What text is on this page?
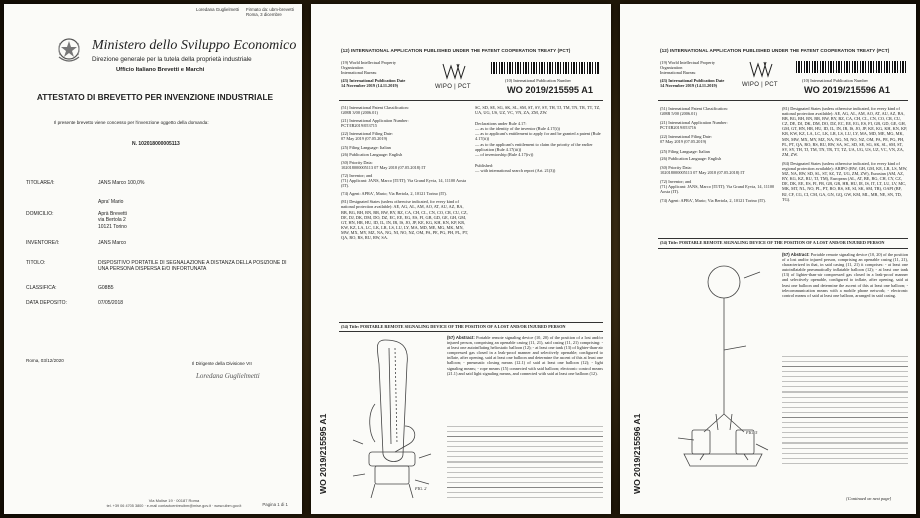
Loredana Guglielmetti	Firmato da: ubm-brevetti
Roma, 3 dicembre
Ministero dello Sviluppo Economico
Direzione generale per la tutela della proprietà industriale
Ufficio Italiano Brevetti e Marchi
ATTESTATO DI BREVETTO PER INVENZIONE INDUSTRIALE
Il presente brevetto viene concesso per l'invenzione oggetto della domanda:
N. 102018000005113
TITOLARE/I:	JANS Marco 100,0%

Apra' Mario
DOMICILIO:	Aprà Brevetti
via Bertola 2
10121 Torino
INVENTORE/I:	JANS Marco
TITOLO:	DISPOSITIVO PORTATILE DI SEGNALAZIONE A DISTANZA DELLA POSIZIONE DI UNA PERSONA DISPERSA E/O INFORTUNATA
CLASSIFICA:	G08B5
DATA DEPOSITO:	07/05/2018
Roma, 03/12/2020
Il Dirigente della Divisione VII
Loredana Guglielmetti
Via Molise 19 · 00187 Roma
tel. +39 06 4705 3800 · e-mail contactcentreuibm@mise.gov.it · www.uibm.gov.it	Pagina 1 di 1
(12) INTERNATIONAL APPLICATION PUBLISHED UNDER THE PATENT COOPERATION TREATY (PCT)
(19) World Intellectual Property
Organization
International Bureau
WIPO | PCT
(43) International Publication Date
14 November 2019 (14.11.2019)
(10) International Publication Number
WO 2019/215595 A1
(51) International Patent Classification:
G08B 3/00 (2006.01)
(21) International Application Number:
PCT/IB2019/053715
(22) International Filing Date:
07 May 2019 (07.05.2019)
(25) Filing Language: Italian
(26) Publication Language: English
(30) Priority Data:
102018000005113 07 May 2018 (07.05.2018) IT
(72) Inventor; and
(71) Applicant: JANS, Marco [IT/IT]; Via Grand Eyvia, 14, 11100 Aosta (IT).
(74) Agent: APRA', Mario; Via Bertola, 2, 10121 Torino (IT).
(81) Designated States (unless otherwise indicated, for every kind of national protection available): AE, AG, AL, AM, AO, AT, AU, AZ, BA, BB, BG, BH, BN, BR, BW, BY, BZ, CA, CH, CL, CN, CO, CR, CU, CZ, DE, DJ, DK, DM, DO, DZ, EC, EE, EG, ES, FI, GB, GD, GE, GH, GM, GT, HN, HR, HU, ID, IL, IN, IR, IS, JO, JP, KE, KG, KH, KN, KP, KR, KW, KZ, LA, LC, LK, LR, LS, LU, LY, MA, MD, ME, MG, MK, MN, MW, MX, MY, MZ, NA, NG, NI, NO, NZ, OM, PA, PE, PG, PH, PL, PT, QA, RO, RS, RU, RW, SA.
SC, SD, SE, SG, SK, SL, SM, ST, SV, SY, TH, TJ, TM, TN, TR, TT, TZ, UA, UG, US, UZ, VC, VN, ZA, ZM, ZW.
Declarations under Rule 4.17:
— as to the identity of the inventor (Rule 4.17(i))
— as to applicant's entitlement to apply for and be granted a patent (Rule 4.17(ii))
— as to the applicant's entitlement to claim the priority of the earlier application (Rule 4.17(iii))
— of inventorship (Rule 4.17(iv))
Published:
— with international search report (Art. 21(3))
(54) Title: PORTABLE REMOTE SIGNALING DEVICE OF THE POSITION OF A LOST AND/OR INJURED PERSON
FIG. 2
(57) Abstract: Portable remote signaling device (10, 20) of the position of a lost and/or injured person, comprising an openable casing (11, 21), said casing (11, 21) comprising: - at least one autoinflating heliostatic balloon (12); - at least one tank (13) of lighter-than-air compressed gas closed in a leak-proof manner and selectively openable; configured to inflate, after opening, said at least one balloon and determine the ascent of this at least one balloon; - pneumatic closing means (12.1) of said at least one balloon (12); - light signaling means; - rope means (15) connected with said balloon; electronic control means (21.1) and said light signaling means, and connected with said at least one balloon (12).
WO 2019/215595 A1
(12) INTERNATIONAL APPLICATION PUBLISHED UNDER THE PATENT COOPERATION TREATY (PCT)
(19) World Intellectual Property
Organization
International Bureau
WIPO | PCT
(43) International Publication Date
14 November 2019 (14.11.2019)
(10) International Publication Number
WO 2019/215596 A1
(51) International Patent Classification:
G08B 5/00 (2006.01)
(21) International Application Number:
PCT/IB2019/053716
(22) International Filing Date:
07 May 2019 (07.05.2019)
(25) Filing Language: Italian
(26) Publication Language: English
(30) Priority Data:
102018000005113 07 May 2018 (07.05.2018) IT
(72) Inventor; and
(71) Applicant: JANS, Marco [IT/IT]; Via Grand Eyvia, 14, 11100 Aosta (IT).
(74) Agent: APRA', Mario; Via Bertola, 2, 10121 Torino (IT).
(81) Designated States (unless otherwise indicated, for every kind of national protection available): AE, AG, AL, AM, AO, AT, AU, AZ, BA, BB, BG, BH, BN, BR, BW, BY, BZ, CA, CH, CL, CN, CO, CR, CU, CZ, DE, DJ, DK, DM, DO, DZ, EC, EE, EG, ES, FI, GB, GD, GE, GH, GM, GT, HN, HR, HU, ID, IL, IN, IR, IS, JO, JP, KE, KG, KH, KN, KP, KR, KW, KZ, LA, LC, LK, LR, LS, LU, LY, MA, MD, ME, MG, MK, MN, MW, MX, MY, MZ, NA, NG, NI, NO, NZ, OM, PA, PE, PG, PH, PL, PT, QA, RO, RS, RU, RW, SA, SC, SD, SE, SG, SK, SL, SM, ST, SV, SY, TH, TJ, TM, TN, TR, TT, TZ, UA, UG, US, UZ, VC, VN, ZA, ZM, ZW.
(84) Designated States (unless otherwise indicated, for every kind of regional protection available): ARIPO (BW, GH, GM, KE, LR, LS, MW, MZ, NA, RW, SD, SL, ST, SZ, TZ, UG, ZM, ZW), Eurasian (AM, AZ, BY, KG, KZ, RU, TJ, TM), European (AL, AT, BE, BG, CH, CY, CZ, DE, DK, EE, ES, FI, FR, GB, GR, HR, HU, IE, IS, IT, LT, LU, LV, MC, MK, MT, NL, NO, PL, PT, RO, RS, SE, SI, SK, SM, TR), OAPI (BF, BJ, CF, CG, CI, CM, GA, GN, GQ, GW, KM, ML, MR, NE, SN, TD, TG).
(54) Title: PORTABLE REMOTE SIGNALING DEVICE OF THE POSITION OF A LOST AND/OR INJURED PERSON
(57) Abstract: Portable remote signaling device (10, 20) of the position of a lost and/or injured person, comprising an openable casing (11, 21), characterized in that, in said casing (11, 21) it comprises: - at least one autoinflatable pneumatically inflatable balloon (12); - at least one tank (13) of lighter-than-air compressed gas closed in a leak-proof manner and selectively openable, configured to inflate, after opening, said at least one balloon and determine the ascent of this at least one balloon; - telecommunication means with a mobile phone network; - electronic control means of said at least one balloon, arranged in said casing.
FIG. 5
[Continued on next page]
WO 2019/215596 A1
